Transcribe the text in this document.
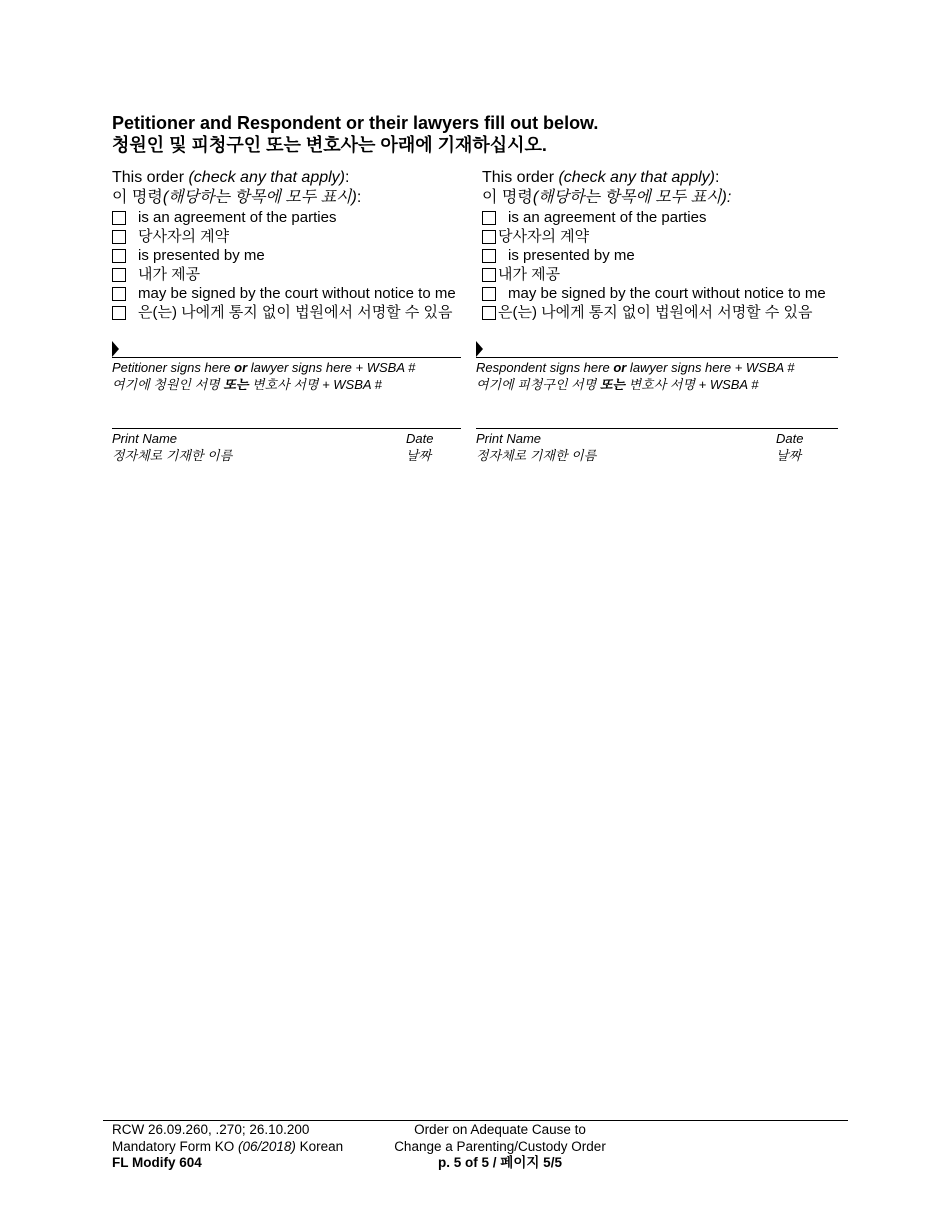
Petitioner and Respondent or their lawyers fill out below.
청원인 및 피청구인 또는 변호사는 아래에 기재하십시오.
This order (check any that apply):
이 명령(해당하는 항목에 모두 표시):
is an agreement of the parties
당사자의 계약
is presented by me
내가 제공
may be signed by the court without notice to me
은(는) 나에게 통지 없이 법원에서 서명할 수 있음
This order (check any that apply):
이 명령(해당하는 항목에 모두 표시):
is an agreement of the parties
당사자의 계약
is presented by me
내가 제공
may be signed by the court without notice to me
은(는) 나에게 통지 없이 법원에서 서명할 수 있음
Petitioner signs here or lawyer signs here + WSBA #
여기에 청원인 서명 또는 변호사 서명 + WSBA #
Respondent signs here or lawyer signs here + WSBA #
여기에 피청구인 서명 또는 변호사 서명 + WSBA #
Print Name
정자체로 기재한 이름
Date
날짜
Print Name
정자체로 기재한 이름
Date
날짜
RCW 26.09.260, .270; 26.10.200
Mandatory Form KO (06/2018) Korean
FL Modify 604
Order on Adequate Cause to
Change a Parenting/Custody Order
p. 5 of 5 / 페이지 5/5
